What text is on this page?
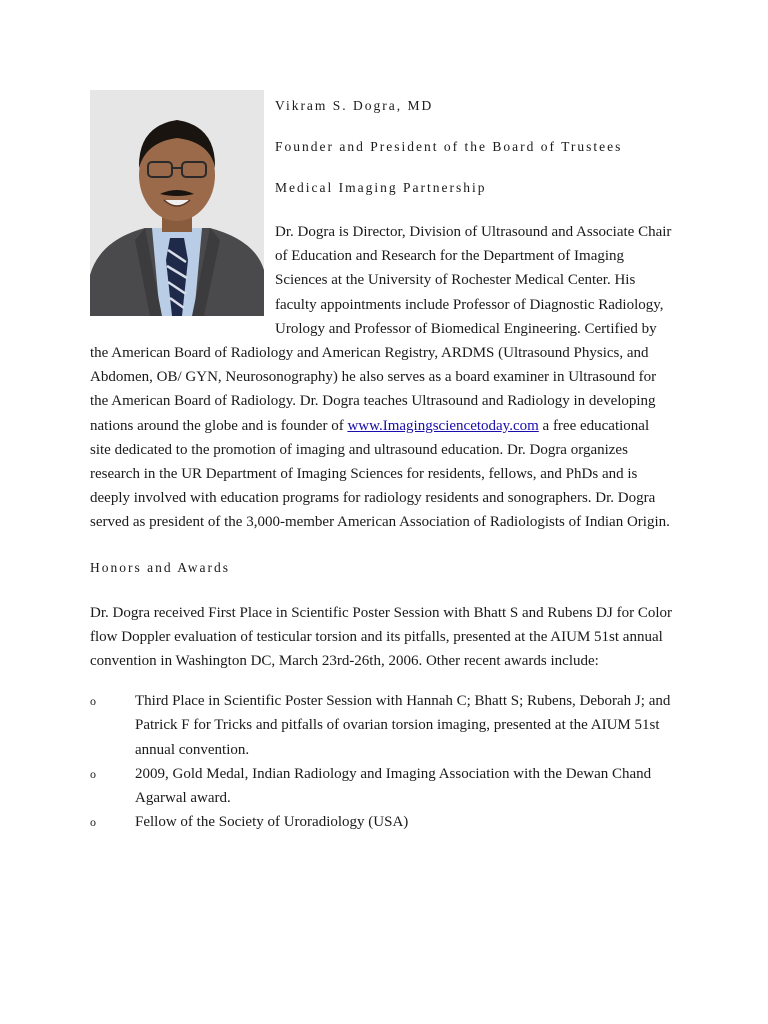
Vikram S. Dogra, MD

Founder and President of the Board of Trustees

Medical Imaging Partnership

Dr. Dogra is Director, Division of Ultrasound and Associate Chair of Education and Research for the Department of Imaging Sciences at the University of Rochester Medical Center. His faculty appointments include Professor of Diagnostic Radiology, Urology and Professor of Biomedical Engineering. Certified by the American Board of Radiology and American Registry, ARDMS (Ultrasound Physics, and Abdomen, OB/ GYN, Neurosonography) he also serves as a board examiner in Ultrasound for the American Board of Radiology. Dr. Dogra teaches Ultrasound and Radiology in developing nations around the globe and is founder of www.Imagingsciencetoday.com a free educational site dedicated to the promotion of imaging and ultrasound education. Dr. Dogra organizes research in the UR Department of Imaging Sciences for residents, fellows, and PhDs and is deeply involved with education programs for radiology residents and sonographers. Dr. Dogra served as president of the 3,000-member American Association of Radiologists of Indian Origin.

Honors and Awards

Dr. Dogra received First Place in Scientific Poster Session with Bhatt S and Rubens DJ for Color flow Doppler evaluation of testicular torsion and its pitfalls, presented at the AIUM 51st annual convention in Washington DC, March 23rd-26th, 2006. Other recent awards include:

o	Third Place in Scientific Poster Session with Hannah C; Bhatt S; Rubens, Deborah J; and Patrick F for Tricks and pitfalls of ovarian torsion imaging, presented at the AIUM 51st annual convention.
o	2009, Gold Medal, Indian Radiology and Imaging Association with the Dewan Chand Agarwal award.
o	Fellow of the Society of Uroradiology (USA)
